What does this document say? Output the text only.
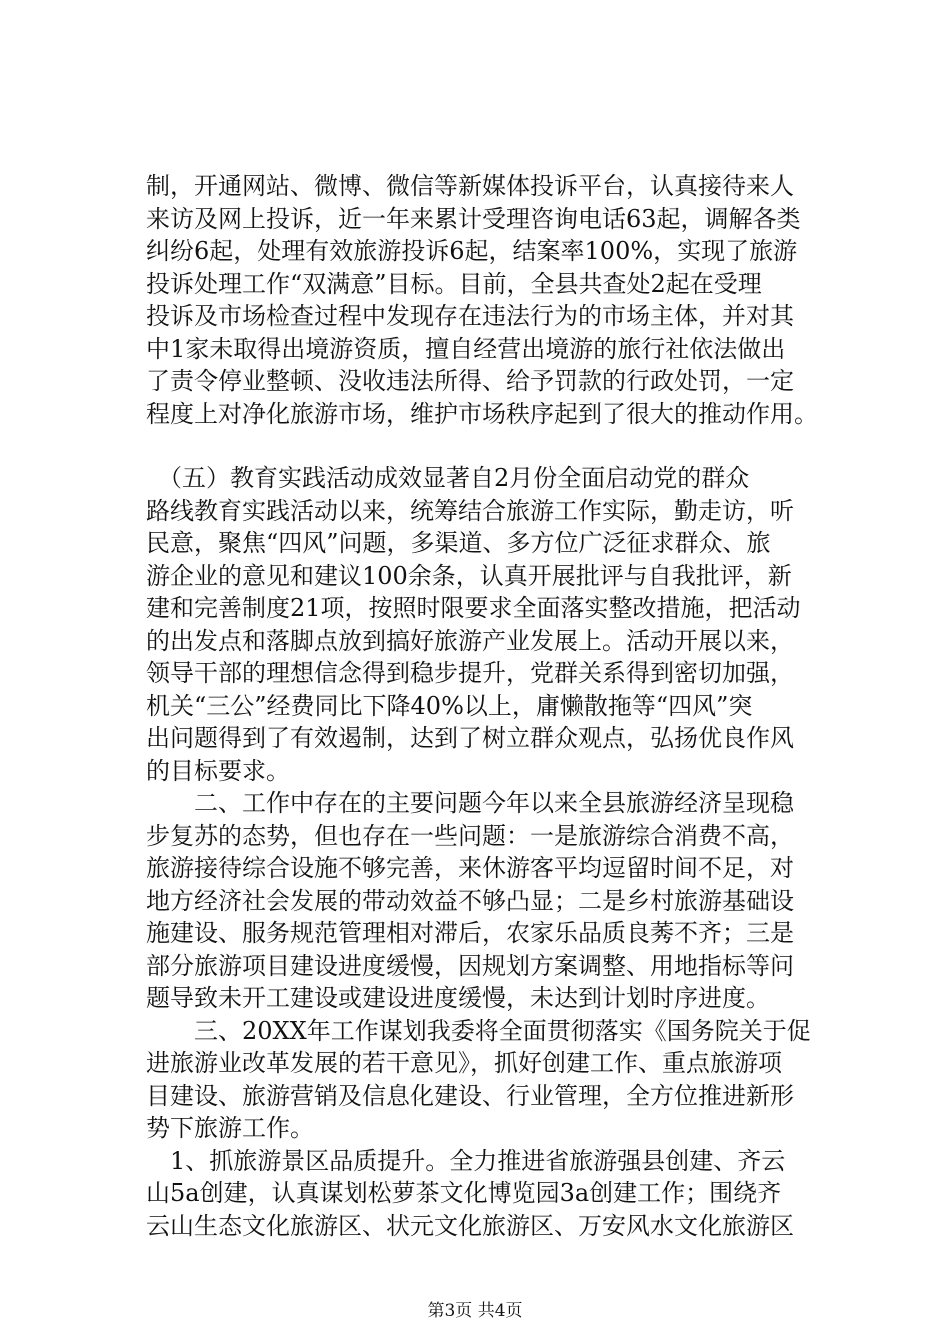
制，开通网站、微博、微信等新媒体投诉平台，认真接待来人
来访及网上投诉，近一年来累计受理咨询电话63起，调解各类
纠纷6起，处理有效旅游投诉6起，结案率100%，实现了旅游
投诉处理工作“双满意”目标。目前，全县共查处2起在受理
投诉及市场检查过程中发现存在违法行为的市场主体，并对其
中1家未取得出境游资质，擅自经营出境游的旅行社依法做出
了责令停业整顿、没收违法所得、给予罚款的行政处罚，一定
程度上对净化旅游市场，维护市场秩序起到了很大的推动作用。

　（五）教育实践活动成效显著自2月份全面启动党的群众
路线教育实践活动以来，统筹结合旅游工作实际，勤走访，听
民意，聚焦“四风”问题，多渠道、多方位广泛征求群众、旅
游企业的意见和建议100余条，认真开展批评与自我批评，新
建和完善制度21项，按照时限要求全面落实整改措施，把活动
的出发点和落脚点放到搞好旅游产业发展上。活动开展以来，
领导干部的理想信念得到稳步提升，党群关系得到密切加强，
机关“三公”经费同比下降40%以上，庸懒散拖等“四风”突
出问题得到了有效遏制，达到了树立群众观点，弘扬优良作风
的目标要求。

　　二、工作中存在的主要问题今年以来全县旅游经济呈现稳
步复苏的态势，但也存在一些问题：一是旅游综合消费不高，
旅游接待综合设施不够完善，来休游客平均逗留时间不足，对
地方经济社会发展的带动效益不够凸显；二是乡村旅游基础设
施建设、服务规范管理相对滞后，农家乐品质良莠不齐；三是
部分旅游项目建设进度缓慢，因规划方案调整、用地指标等问
题导致未开工建设或建设进度缓慢，未达到计划时序进度。

　　三、20XX年工作谋划我委将全面贯彻落实《国务院关于促
进旅游业改革发展的若干意见》，抓好创建工作、重点旅游项
目建设、旅游营销及信息化建设、行业管理，全方位推进新形
势下旅游工作。

　1、抓旅游景区品质提升。全力推进省旅游强县创建、齐云
山5a创建，认真谋划松萝茶文化博览园3a创建工作；围绕齐
云山生态文化旅游区、状元文化旅游区、万安风水文化旅游区

第3页 共4页
